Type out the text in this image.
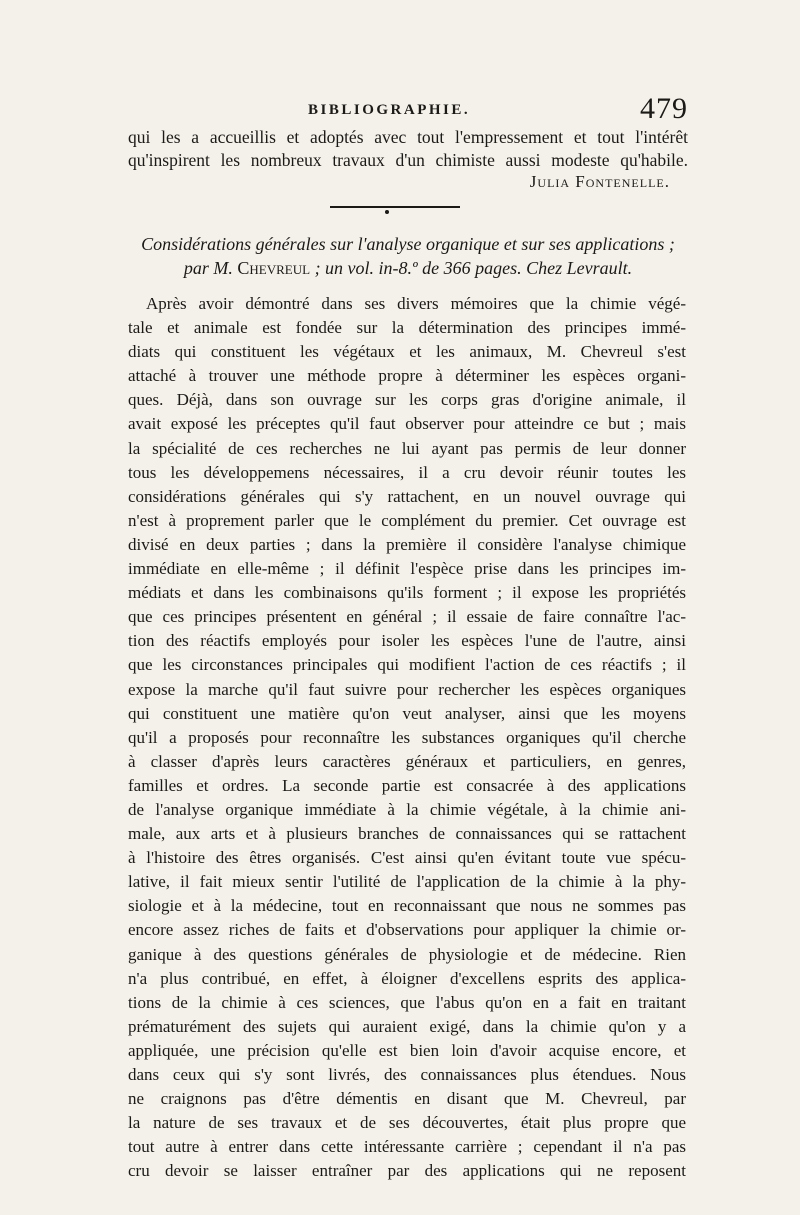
BIBLIOGRAPHIE.	479
qui les a accueillis et adoptés avec tout l'empressement et tout l'intérêt
qu'inspirent les nombreux travaux d'un chimiste aussi modeste qu'habile.
Julia Fontenelle.
Considérations générales sur l'analyse organique et sur ses applications ;
par M. Chevreul ; un vol. in-8.º de 366 pages. Chez Levrault.
Après avoir démontré dans ses divers mémoires que la chimie végé-
tale et animale est fondée sur la détermination des principes immé-
diats qui constituent les végétaux et les animaux, M. Chevreul s'est
attaché à trouver une méthode propre à déterminer les espèces organi-
ques. Déjà, dans son ouvrage sur les corps gras d'origine animale, il
avait exposé les préceptes qu'il faut observer pour atteindre ce but ; mais
la spécialité de ces recherches ne lui ayant pas permis de leur donner
tous les développemens nécessaires, il a cru devoir réunir toutes les
considérations générales qui s'y rattachent, en un nouvel ouvrage qui
n'est à proprement parler que le complément du premier. Cet ouvrage est
divisé en deux parties ; dans la première il considère l'analyse chimique
immédiate en elle-même ; il définit l'espèce prise dans les principes im-
médiats et dans les combinaisons qu'ils forment ; il expose les propriétés
que ces principes présentent en général ; il essaie de faire connaître l'ac-
tion des réactifs employés pour isoler les espèces l'une de l'autre, ainsi
que les circonstances principales qui modifient l'action de ces réactifs ; il
expose la marche qu'il faut suivre pour rechercher les espèces organiques
qui constituent une matière qu'on veut analyser, ainsi que les moyens
qu'il a proposés pour reconnaître les substances organiques qu'il cherche
à classer d'après leurs caractères généraux et particuliers, en genres,
familles et ordres. La seconde partie est consacrée à des applications
de l'analyse organique immédiate à la chimie végétale, à la chimie ani-
male, aux arts et à plusieurs branches de connaissances qui se rattachent
à l'histoire des êtres organisés. C'est ainsi qu'en évitant toute vue spécu-
lative, il fait mieux sentir l'utilité de l'application de la chimie à la phy-
siologie et à la médecine, tout en reconnaissant que nous ne sommes pas
encore assez riches de faits et d'observations pour appliquer la chimie or-
ganique à des questions générales de physiologie et de médecine. Rien
n'a plus contribué, en effet, à éloigner d'excellens esprits des applica-
tions de la chimie à ces sciences, que l'abus qu'on en a fait en traitant
prématurément des sujets qui auraient exigé, dans la chimie qu'on y a
appliquée, une précision qu'elle est bien loin d'avoir acquise encore, et
dans ceux qui s'y sont livrés, des connaissances plus étendues. Nous
ne craignons pas d'être démentis en disant que M. Chevreul, par
la nature de ses travaux et de ses découvertes, était plus propre que
tout autre à entrer dans cette intéressante carrière ; cependant il n'a pas
cru devoir se laisser entraîner par des applications qui ne reposent
